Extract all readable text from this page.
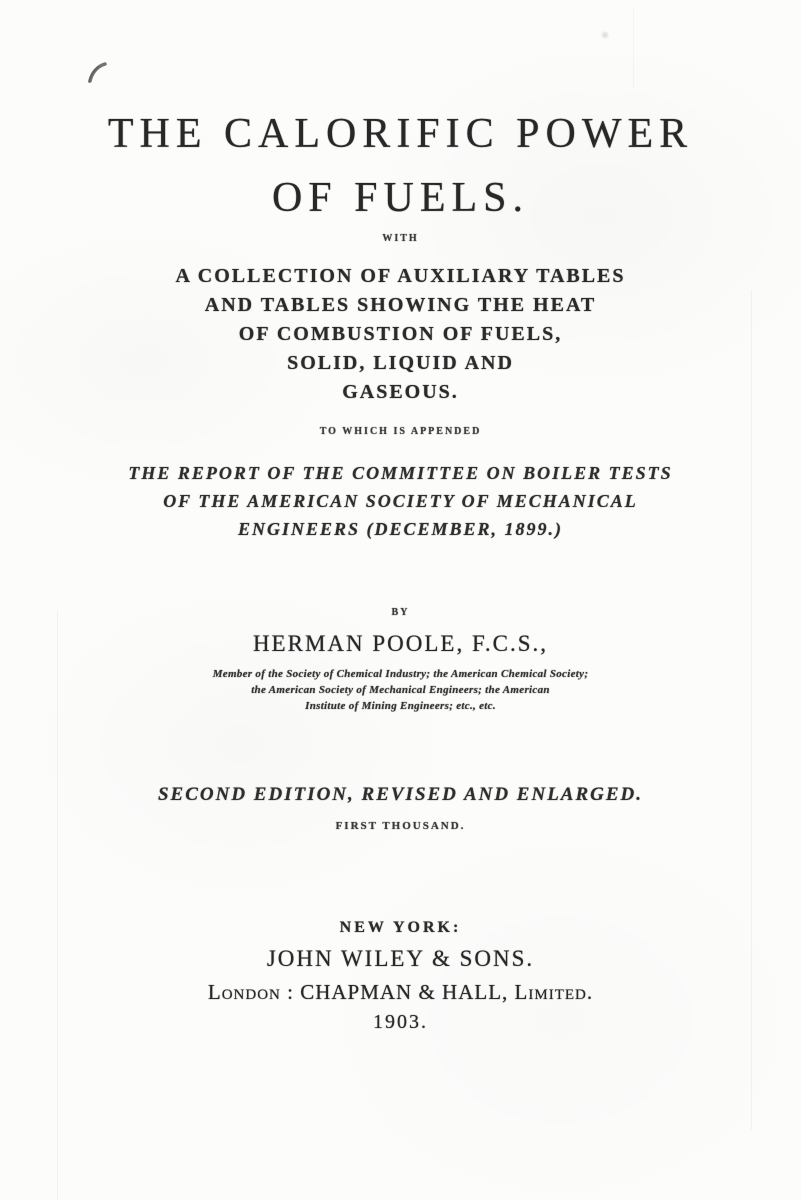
THE CALORIFIC POWER
OF FUELS.
WITH
A COLLECTION OF AUXILIARY TABLES
AND TABLES SHOWING THE HEAT
OF COMBUSTION OF FUELS,
SOLID, LIQUID AND
GASEOUS.
TO WHICH IS APPENDED
THE REPORT OF THE COMMITTEE ON BOILER TESTS
OF THE AMERICAN SOCIETY OF MECHANICAL
ENGINEERS (DECEMBER, 1899.)
BY
HERMAN POOLE, F.C.S.,
Member of the Society of Chemical Industry; the American Chemical Society;
the American Society of Mechanical Engineers; the American
Institute of Mining Engineers; etc., etc.
SECOND EDITION, REVISED AND ENLARGED.
FIRST THOUSAND.
NEW YORK:
JOHN WILEY & SONS.
London : CHAPMAN & HALL, Limited.
1903.
